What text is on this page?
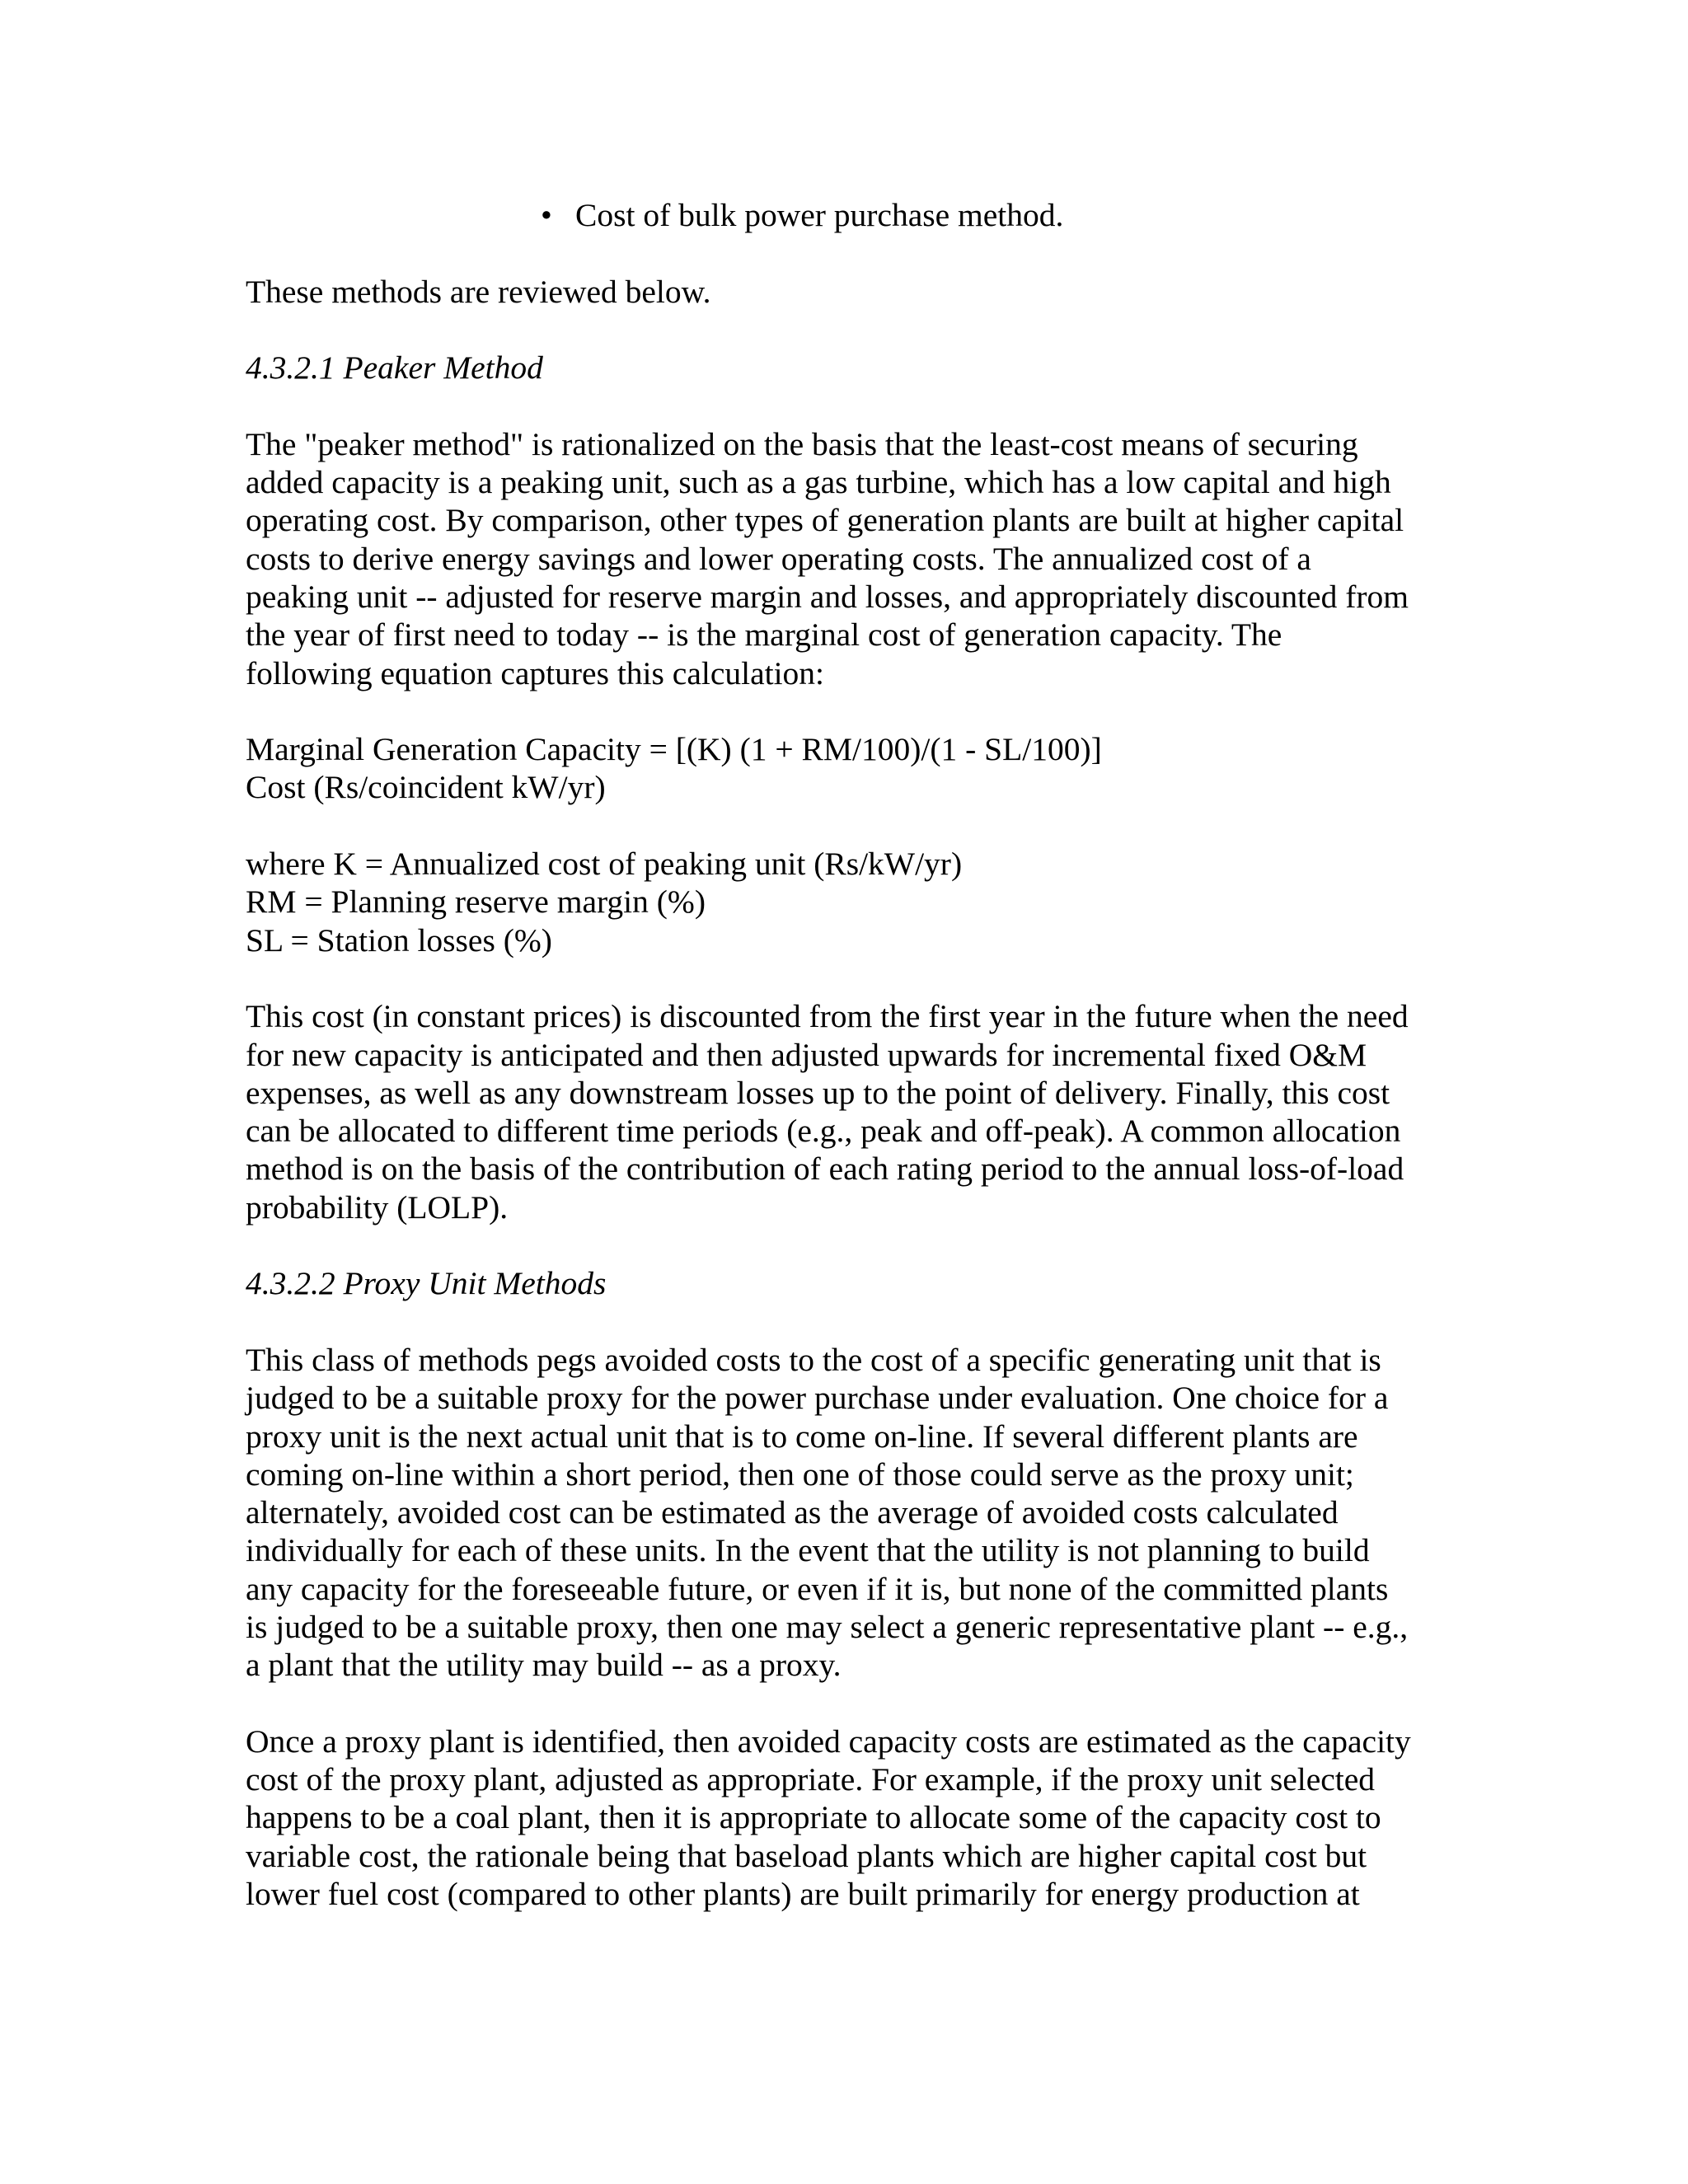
• Cost of bulk power purchase method.

These methods are reviewed below.

4.3.2.1 Peaker Method

The "peaker method" is rationalized on the basis that the least-cost means of securing
added capacity is a peaking unit, such as a gas turbine, which has a low capital and high
operating cost. By comparison, other types of generation plants are built at higher capital
costs to derive energy savings and lower operating costs. The annualized cost of a
peaking unit -- adjusted for reserve margin and losses, and appropriately discounted from
the year of first need to today -- is the marginal cost of generation capacity. The
following equation captures this calculation:

Marginal Generation Capacity = [(K) (1 + RM/100)/(1 - SL/100)]
Cost (Rs/coincident kW/yr)

where K = Annualized cost of peaking unit (Rs/kW/yr)
RM = Planning reserve margin (%)
SL = Station losses (%)

This cost (in constant prices) is discounted from the first year in the future when the need
for new capacity is anticipated and then adjusted upwards for incremental fixed O&M
expenses, as well as any downstream losses up to the point of delivery. Finally, this cost
can be allocated to different time periods (e.g., peak and off-peak). A common allocation
method is on the basis of the contribution of each rating period to the annual loss-of-load
probability (LOLP).

4.3.2.2 Proxy Unit Methods

This class of methods pegs avoided costs to the cost of a specific generating unit that is
judged to be a suitable proxy for the power purchase under evaluation. One choice for a
proxy unit is the next actual unit that is to come on-line. If several different plants are
coming on-line within a short period, then one of those could serve as the proxy unit;
alternately, avoided cost can be estimated as the average of avoided costs calculated
individually for each of these units. In the event that the utility is not planning to build
any capacity for the foreseeable future, or even if it is, but none of the committed plants
is judged to be a suitable proxy, then one may select a generic representative plant -- e.g.,
a plant that the utility may build -- as a proxy.

Once a proxy plant is identified, then avoided capacity costs are estimated as the capacity
cost of the proxy plant, adjusted as appropriate. For example, if the proxy unit selected
happens to be a coal plant, then it is appropriate to allocate some of the capacity cost to
variable cost, the rationale being that baseload plants which are higher capital cost but
lower fuel cost (compared to other plants) are built primarily for energy production at
